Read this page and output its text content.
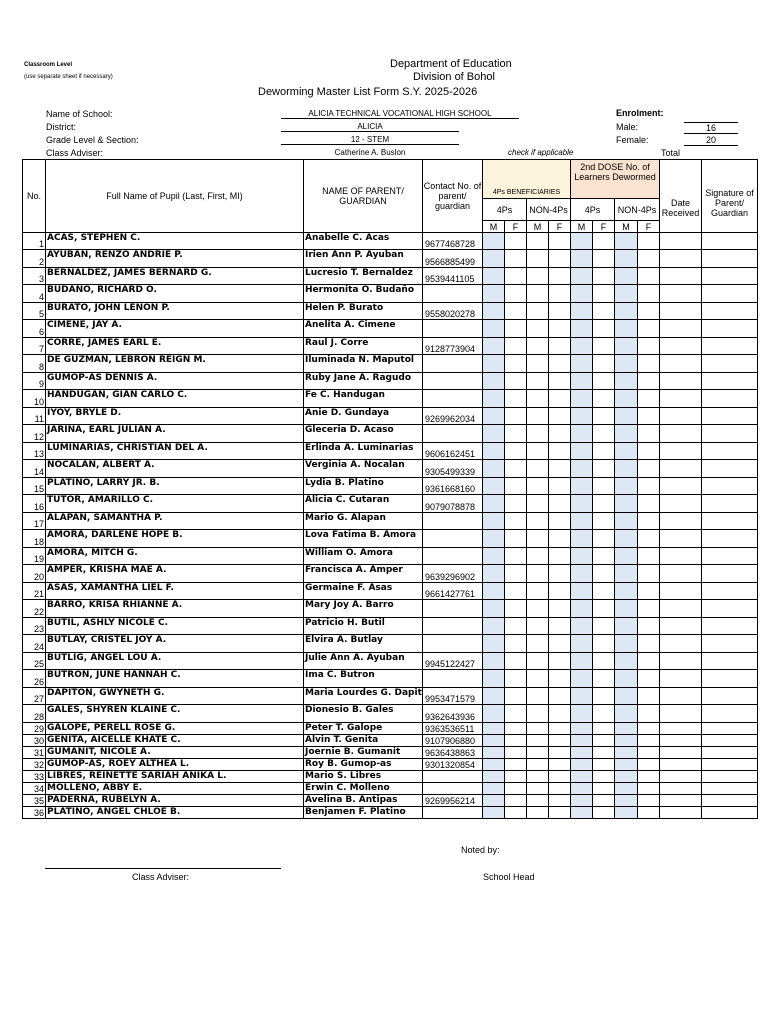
Classroom Level
(use separate sheet if necessary)
Department of Education
Division of Bohol
Deworming Master List Form S.Y. 2025-2026
Name of School:	ALICIA TECHNICAL VOCATIONAL HIGH SCHOOL
District:	ALICIA
Grade Level & Section:	12 - STEM
Class Adviser:	Catherine A. Buslon	check if applicable
Enrolment:
Male:	16
Female:	20
Total
No.	Full Name of Pupil (Last, First, MI)	NAME OF PARENT/ GUARDIAN	Contact No. of parent/ guardian	4Ps BENEFICIARIES				2nd DOSE No. of Learners Dewormed				Date Received	Signature of Parent/ Guardian
				4Ps		NON-4Ps		4Ps		NON-4Ps			
				M	F	M	F	M	F	M	F		
1	ACAS, STEPHEN C.	Anabelle C. Acas	9677468728										
2	AYUBAN, RENZO ANDRIE P.	Irien Ann P. Ayuban	9566885499										
3	BERNALDEZ, JAMES BERNARD G.	Lucresio T. Bernaldez	9539441105										
4	BUDAÑO, RICHARD O.	Hermonita O. Budaño											
5	BURATO, JOHN LENON P.	Helen P. Burato	9558020278										
6	CIMENE, JAY A.	Anelita A. Cimene											
7	CORRE, JAMES EARL E.	Raul J. Corre	9128773904										
8	DE GUZMAN, LEBRON REIGN M.	Iluminada N. Maputol											
9	GUMOP-AS DENNIS A.	Ruby Jane A. Ragudo											
10	HANDUGAN, GIAN CARLO C.	Fe C. Handugan											
11	IYOY, BRYLE D.	Anie D. Gundaya	9269962034										
12	JARINA, EARL JULIAN A.	Gleceria D. Acaso											
13	LUMINARIAS, CHRISTIAN DEL A.	Erlinda A. Luminarias	9606162451										
14	NOCALAN, ALBERT A.	Verginia A. Nocalan	9305499339										
15	PLATINO, LARRY JR. B.	Lydia B. Platino	9361668160										
16	TUTOR, AMARILLO C.	Alicia C. Cutaran	9079078878										
17	ALAPAN, SAMANTHA P.	Mario G. Alapan											
18	AMORA, DARLENE HOPE B.	Lova Fatima B. Amora											
19	AMORA, MITCH G.	William O. Amora											
20	AMPER, KRISHA MAE A.	Francisca A. Amper	9639296902										
21	ASAS, XAMANTHA LIEL F.	Germaine F. Asas	9661427761										
22	BARRO, KRISA RHIANNE A.	Mary Joy A. Barro											
23	BUTIL, ASHLY NICOLE C.	Patricio H. Butil											
24	BUTLAY, CRISTEL JOY A.	Elvira A. Butlay											
25	BUTLIG, ANGEL LOU A.	Julie Ann A. Ayuban	9945122427										
26	BUTRON, JUNE HANNAH C.	Ima C. Butron											
27	DAPITON, GWYNETH G.	Maria Lourdes G. Dapit	9953471579										
28	GALES, SHYREN KLAINE C.	Dionesio B. Gales	9362643936										
29	GALOPE, PERELL ROSE G.	Peter T. Galope	9363536511										
30	GENITA, AICELLE KHATE C.	Alvin T. Genita	9107906880										
31	GUMANIT, NICOLE A.	Joernie B. Gumanit	9636438863										
32	GUMOP-AS, ROEY ALTHEA L.	Roy B. Gumop-as	9301320854										
33	LIBRES, REINETTE SARIAH ANIKA L.	Mario S. Libres											
34	MOLLENO, ABBY E.	Erwin C. Molleno											
35	PADERNA, RUBELYN A.	Avelina B. Antipas	9269956214										
36	PLATINO, ANGEL CHLOE B.	Benjamen F. Platino											
Noted by:
Class Adviser:	School Head
